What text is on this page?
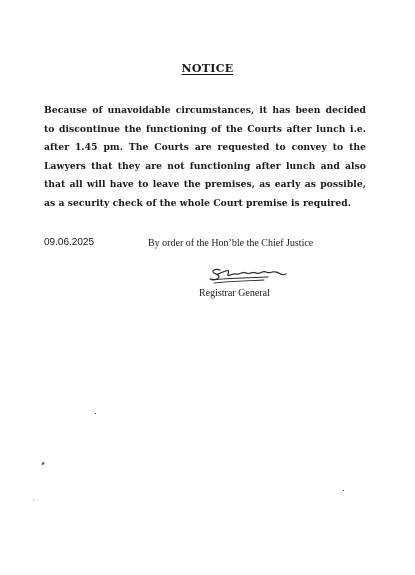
NOTICE

Because of unavoidable circumstances, it has been decided to discontinue the functioning of the Courts after lunch i.e. after 1.45 pm. The Courts are requested to convey to the Lawyers that they are not functioning after lunch and also that all will have to leave the premises, as early as possible, as a security check of the whole Court premise is required.

09.06.2025	By order of the Hon’ble the Chief Justice
Registrar General
